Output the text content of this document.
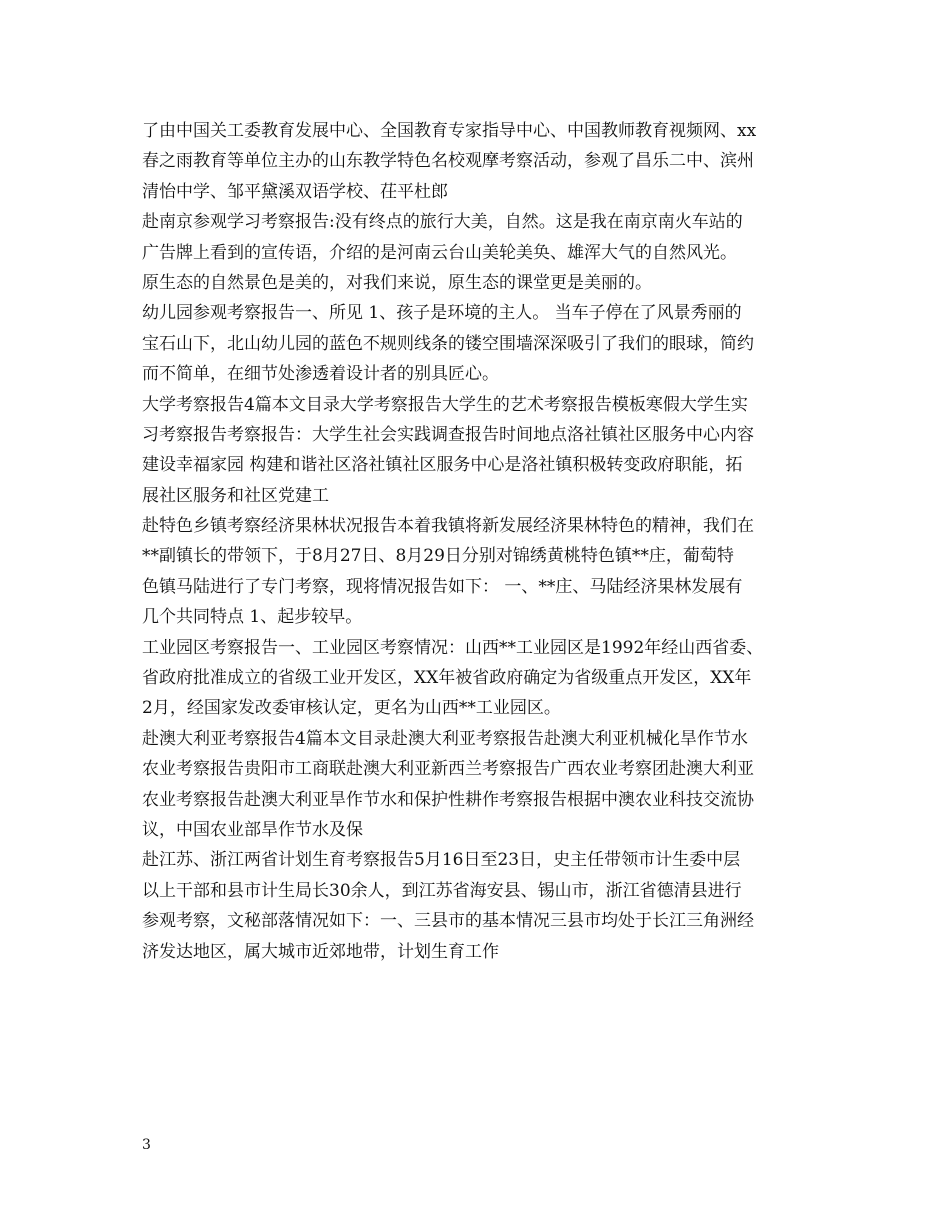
了由中国关工委教育发展中心、全国教育专家指导中心、中国教师教育视频网、xx
春之雨教育等单位主办的山东教学特色名校观摩考察活动，参观了昌乐二中、滨州
清怡中学、邹平黛溪双语学校、茌平杜郎
赴南京参观学习考察报告:没有终点的旅行大美，自然。这是我在南京南火车站的
广告牌上看到的宣传语，介绍的是河南云台山美轮美奂、雄浑大气的自然风光。
原生态的自然景色是美的，对我们来说，原生态的课堂更是美丽的。
幼儿园参观考察报告一、所见 1、孩子是环境的主人。 当车子停在了风景秀丽的
宝石山下，北山幼儿园的蓝色不规则线条的镂空围墙深深吸引了我们的眼球，简约
而不简单，在细节处渗透着设计者的别具匠心。
大学考察报告4篇本文目录大学考察报告大学生的艺术考察报告模板寒假大学生实
习考察报告考察报告：大学生社会实践调查报告时间地点洛社镇社区服务中心内容
建设幸福家园 构建和谐社区洛社镇社区服务中心是洛社镇积极转变政府职能，拓
展社区服务和社区党建工
赴特色乡镇考察经济果林状况报告本着我镇将新发展经济果林特色的精神，我们在
**副镇长的带领下，于8月27日、8月29日分别对锦绣黄桃特色镇**庄，葡萄特
色镇马陆进行了专门考察，现将情况报告如下： 一、**庄、马陆经济果林发展有
几个共同特点 1、起步较早。
工业园区考察报告一、工业园区考察情况：山西**工业园区是1992年经山西省委、
省政府批准成立的省级工业开发区，XX年被省政府确定为省级重点开发区，XX年
2月，经国家发改委审核认定，更名为山西**工业园区。
赴澳大利亚考察报告4篇本文目录赴澳大利亚考察报告赴澳大利亚机械化旱作节水
农业考察报告贵阳市工商联赴澳大利亚新西兰考察报告广西农业考察团赴澳大利亚
农业考察报告赴澳大利亚旱作节水和保护性耕作考察报告根据中澳农业科技交流协
议，中国农业部旱作节水及保
赴江苏、浙江两省计划生育考察报告5月16日至23日，史主任带领市计生委中层
以上干部和县市计生局长30余人，到江苏省海安县、锡山市，浙江省德清县进行
参观考察，文秘部落情况如下：一、三县市的基本情况三县市均处于长江三角洲经
济发达地区，属大城市近郊地带，计划生育工作
3
